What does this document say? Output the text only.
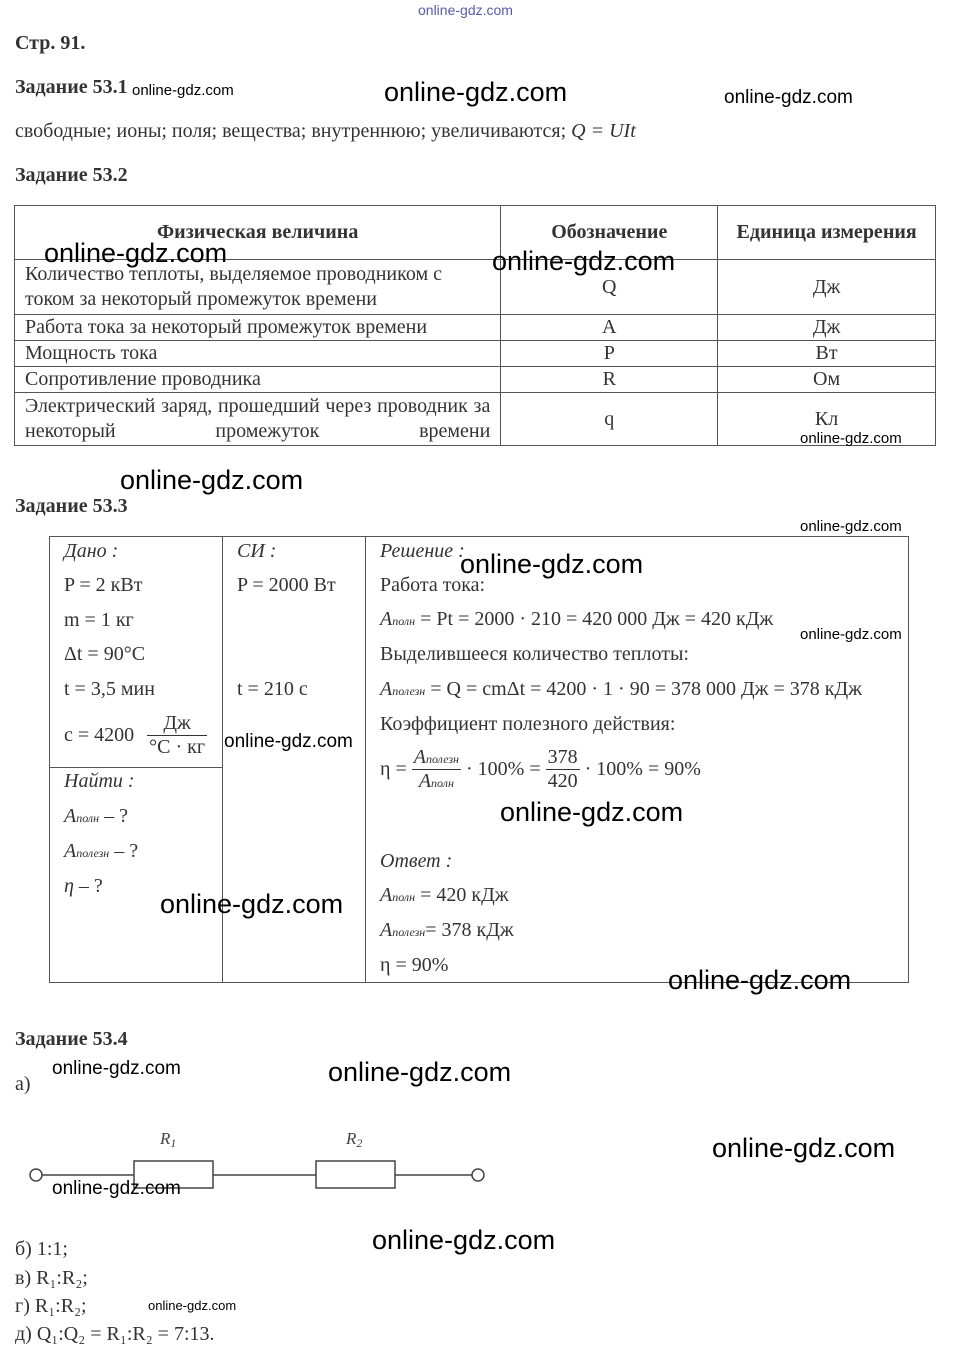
online-gdz.com
Стр. 91.
Задание 53.1
свободные; ионы; поля; вещества; внутреннюю; увеличиваются; Q = UIt
Задание 53.2
Физическая величина	Обозначение	Единица измерения
Количество теплоты, выделяемое проводником с током за некоторый промежуток времени	Q	Дж
Работа тока за некоторый промежуток времени	A	Дж
Мощность тока	P	Вт
Сопротивление проводника	R	Ом
Электрический заряд, прошедший через проводник за некоторый промежуток времени	q	Кл
Задание 53.3
Дано :
P = 2 кВт
m = 1 кг
Δt = 90°C
t = 3,5 мин
$c = 4200 \frac{Дж}{^\circ C \cdot кг}$
Найти :
Aполн – ?
Aполезн – ?
η – ?
СИ :
P = 2000 Вт
t = 210 с
Решение :
Работа тока:
Aполн = Pt = 2000 · 210 = 420 000 Дж = 420 кДж
Выделившееся количество теплоты:
Aполезн = Q = cmΔt = 4200 · 1 · 90 = 378 000 Дж = 378 кДж
Коэффициент полезного действия:
$\eta = \frac{\text{Aполезн}}{\text{Aполн}} \cdot 100\% = \frac{378}{420} \cdot 100\% = 90\%$
Ответ :
Aполн = 420 кДж
Aполезн= 378 кДж
η = 90%
Задание 53.4
а)
R1	R2
б) 1:1;
в) R₁:R₂;
г) R₁:R₂;
д) Q₁:Q₂ = R₁:R₂ = 7:13.
online-gdz.com	online-gdz.com	online-gdz.com
online-gdz.com	online-gdz.com
online-gdz.com
online-gdz.com
online-gdz.com
online-gdz.com
online-gdz.com
online-gdz.com
online-gdz.com
online-gdz.com
online-gdz.com
online-gdz.com	online-gdz.com
online-gdz.com
online-gdz.com
online-gdz.com
online-gdz.com
